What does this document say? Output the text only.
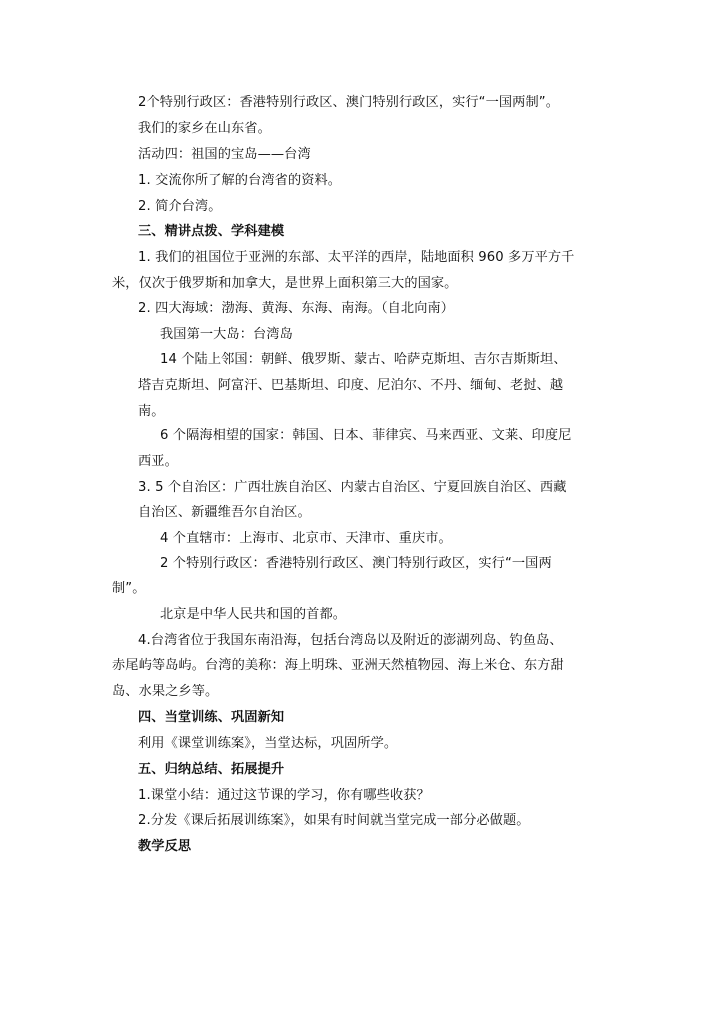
2个特别行政区：香港特别行政区、澳门特别行政区，实行“一国两制”。
我们的家乡在山东省。
活动四：祖国的宝岛——台湾
1. 交流你所了解的台湾省的资料。
2. 简介台湾。
三、精讲点拨、学科建模
1. 我们的祖国位于亚洲的东部、太平洋的西岸，陆地面积 960 多万平方千
米，仅次于俄罗斯和加拿大，是世界上面积第三大的国家。
2. 四大海域：渤海、黄海、东海、南海。（自北向南）
我国第一大岛：台湾岛
14 个陆上邻国：朝鲜、俄罗斯、蒙古、哈萨克斯坦、吉尔吉斯斯坦、
塔吉克斯坦、阿富汗、巴基斯坦、印度、尼泊尔、不丹、缅甸、老挝、越
南。
6 个隔海相望的国家：韩国、日本、菲律宾、马来西亚、文莱、印度尼
西亚。
3. 5 个自治区：广西壮族自治区、内蒙古自治区、宁夏回族自治区、西藏
自治区、新疆维吾尔自治区。
4 个直辖市：上海市、北京市、天津市、重庆市。
2 个特别行政区：香港特别行政区、澳门特别行政区，实行“一国两
制”。
北京是中华人民共和国的首都。
4.台湾省位于我国东南沿海，包括台湾岛以及附近的澎湖列岛、钓鱼岛、
赤尾屿等岛屿。台湾的美称：海上明珠、亚洲天然植物园、海上米仓、东方甜
岛、水果之乡等。
四、当堂训练、巩固新知
利用《课堂训练案》，当堂达标，巩固所学。
五、归纳总结、拓展提升
1.课堂小结：通过这节课的学习，你有哪些收获？
2.分发《课后拓展训练案》，如果有时间就当堂完成一部分必做题。
教学反思
